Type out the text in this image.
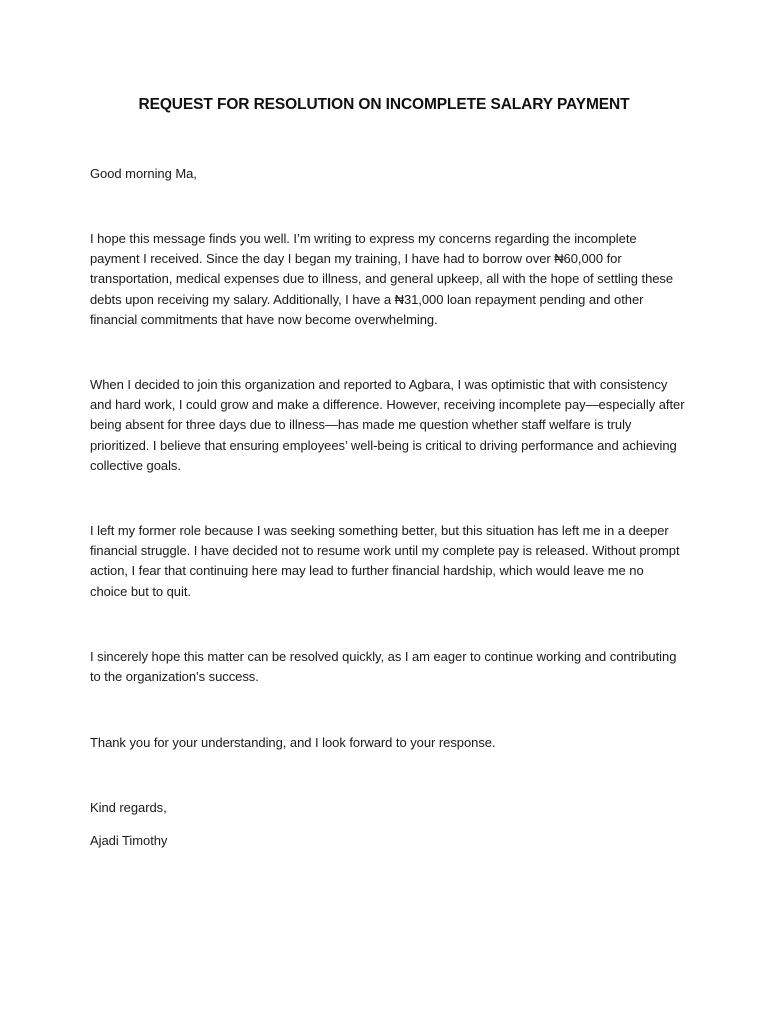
REQUEST FOR RESOLUTION ON INCOMPLETE SALARY PAYMENT
Good morning Ma,
I hope this message finds you well. I’m writing to express my concerns regarding the incomplete
payment I received. Since the day I began my training, I have had to borrow over ₦60,000 for
transportation, medical expenses due to illness, and general upkeep, all with the hope of settling these
debts upon receiving my salary. Additionally, I have a ₦31,000 loan repayment pending and other
financial commitments that have now become overwhelming.
When I decided to join this organization and reported to Agbara, I was optimistic that with consistency
and hard work, I could grow and make a difference. However, receiving incomplete pay—especially after
being absent for three days due to illness—has made me question whether staff welfare is truly
prioritized. I believe that ensuring employees’ well-being is critical to driving performance and achieving
collective goals.
I left my former role because I was seeking something better, but this situation has left me in a deeper
financial struggle. I have decided not to resume work until my complete pay is released. Without prompt
action, I fear that continuing here may lead to further financial hardship, which would leave me no
choice but to quit.
I sincerely hope this matter can be resolved quickly, as I am eager to continue working and contributing
to the organization’s success.
Thank you for your understanding, and I look forward to your response.
Kind regards,
Ajadi Timothy
